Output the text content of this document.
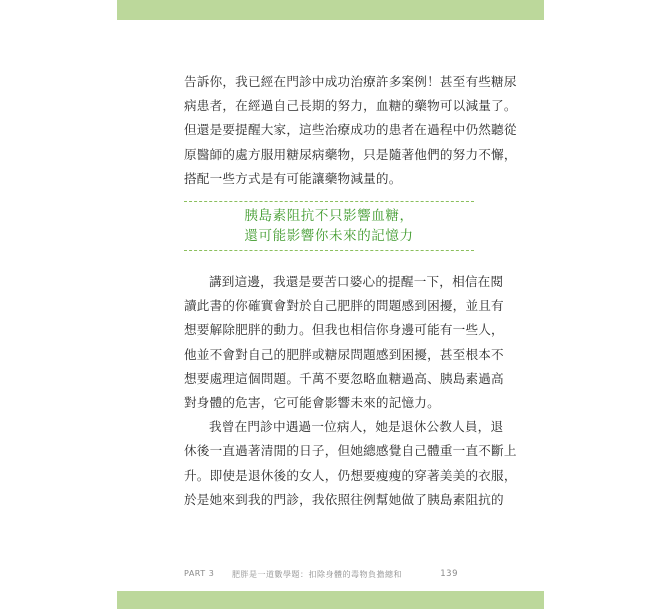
告訴你，我已經在門診中成功治療許多案例！甚至有些糖尿
病患者，在經過自己長期的努力，血糖的藥物可以減量了。
但還是要提醒大家，這些治療成功的患者在過程中仍然聽從
原醫師的處方服用糖尿病藥物，只是隨著他們的努力不懈，
搭配一些方式是有可能讓藥物減量的。

胰島素阻抗不只影響血糖，
還可能影響你未來的記憶力

講到這邊，我還是要苦口婆心的提醒一下，相信在閱
讀此書的你確實會對於自己肥胖的問題感到困擾，並且有
想要解除肥胖的動力。但我也相信你身邊可能有一些人，
他並不會對自己的肥胖或糖尿問題感到困擾，甚至根本不
想要處理這個問題。千萬不要忽略血糖過高、胰島素過高
對身體的危害，它可能會影響未來的記憶力。

我曾在門診中遇過一位病人，她是退休公教人員，退
休後一直過著清閒的日子，但她總感覺自己體重一直不斷上
升。即使是退休後的女人，仍想要瘦瘦的穿著美美的衣服，
於是她來到我的門診，我依照往例幫她做了胰島素阻抗的

PART 3 肥胖是一道數學題：扣除身體的毒物負擔總和	139
